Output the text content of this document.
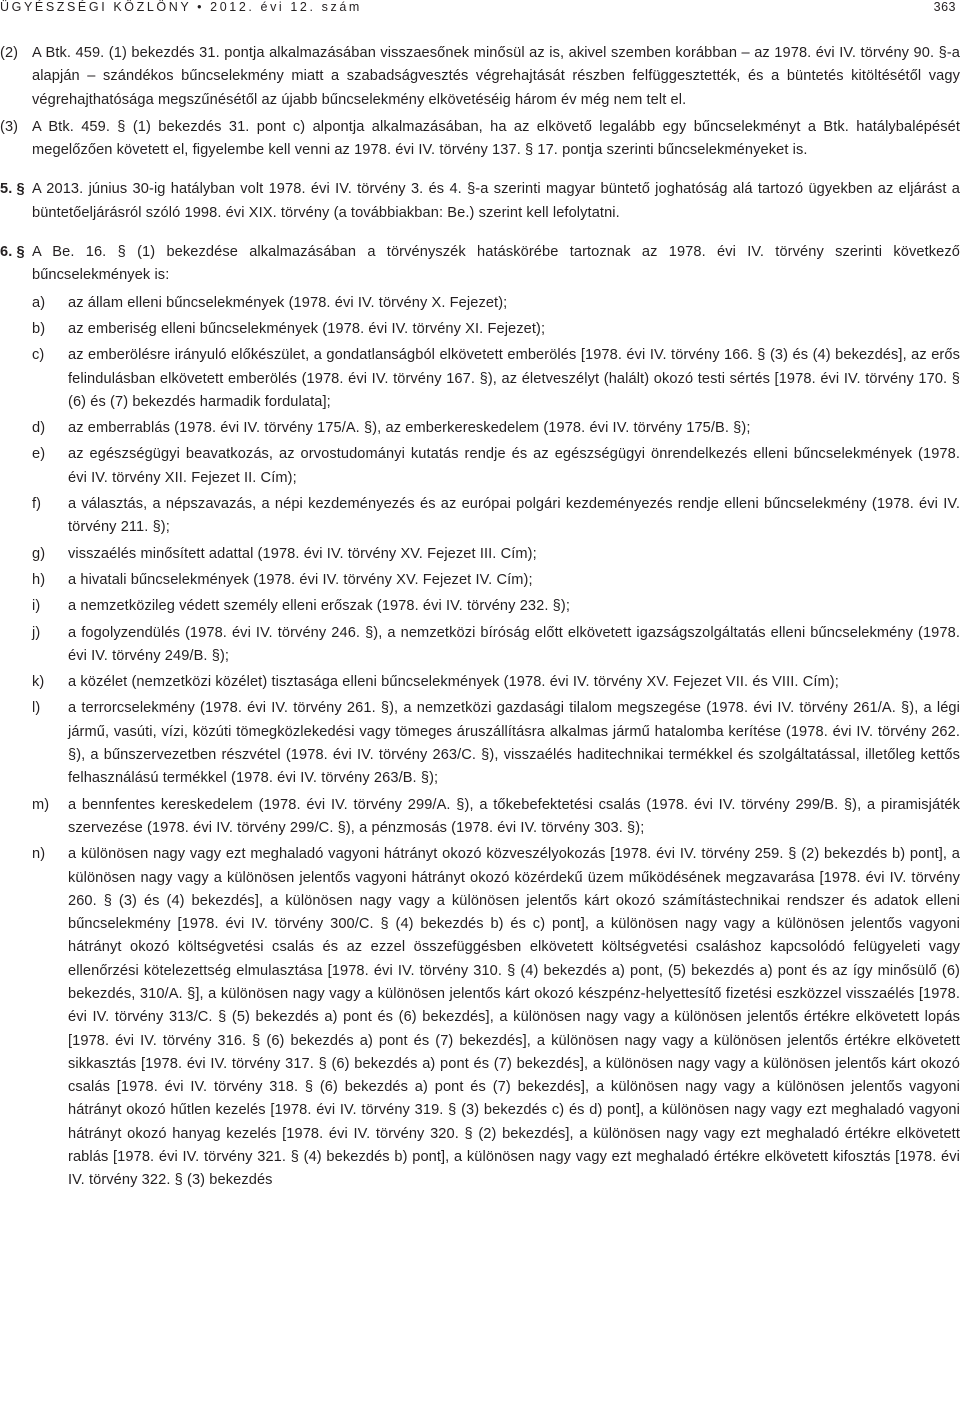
ÜGYÉSZSÉGI KÖZLÖNY • 2012. évi 12. szám	363
(2) A Btk. 459. (1) bekezdés 31. pontja alkalmazásában visszaesőnek minősül az is, akivel szemben korábban – az 1978. évi IV. törvény 90. §-a alapján – szándékos bűncselekmény miatt a szabadságvesztés végrehajtását részben felfüggesztették, és a büntetés kitöltésétől vagy végrehajthatósága megszűnésétől az újabb bűncselekmény elkövetéséig három év még nem telt el.
(3) A Btk. 459. § (1) bekezdés 31. pont c) alpontja alkalmazásában, ha az elkövető legalább egy bűncselekményt a Btk. hatálybalépését megelőzően követett el, figyelembe kell venni az 1978. évi IV. törvény 137. § 17. pontja szerinti bűncselekményeket is.
5. § A 2013. június 30-ig hatályban volt 1978. évi IV. törvény 3. és 4. §-a szerinti magyar büntető joghatóság alá tartozó ügyekben az eljárást a büntetőeljárásról szóló 1998. évi XIX. törvény (a továbbiakban: Be.) szerint kell lefolytatni.

6. § A Be. 16. § (1) bekezdése alkalmazásában a törvényszék hatáskörébe tartoznak az 1978. évi IV. törvény szerinti következő bűncselekmények is:

a)	az állam elleni bűncselekmények (1978. évi IV. törvény X. Fejezet);
b)	az emberiség elleni bűncselekmények (1978. évi IV. törvény XI. Fejezet);
c)	az emberölésre irányuló előkészület, a gondatlanságból elkövetett emberölés [1978. évi IV. törvény 166. § (3) és (4) bekezdés], az erős felindulásban elkövetett emberölés (1978. évi IV. törvény 167. §), az életveszélyt (halált) okozó testi sértés [1978. évi IV. törvény 170. § (6) és (7) bekezdés harmadik fordulata];
d)	az emberrablás (1978. évi IV. törvény 175/A. §), az emberkereskedelem (1978. évi IV. törvény 175/B. §);
e)	az egészségügyi beavatkozás, az orvostudományi kutatás rendje és az egészségügyi önrendelkezés elleni bűncselekmények (1978. évi IV. törvény XII. Fejezet II. Cím);
f)	a választás, a népszavazás, a népi kezdeményezés és az európai polgári kezdeményezés rendje elleni bűncselekmény (1978. évi IV. törvény 211. §);
g)	visszaélés minősített adattal (1978. évi IV. törvény XV. Fejezet III. Cím);
h)	a hivatali bűncselekmények (1978. évi IV. törvény XV. Fejezet IV. Cím);
i)	a nemzetközileg védett személy elleni erőszak (1978. évi IV. törvény 232. §);
j)	a fogolyzendülés (1978. évi IV. törvény 246. §), a nemzetközi bíróság előtt elkövetett igazságszolgáltatás elleni bűncselekmény (1978. évi IV. törvény 249/B. §);
k)	a közélet (nemzetközi közélet) tisztasága elleni bűncselekmények (1978. évi IV. törvény XV. Fejezet VII. és VIII. Cím);
l)	a terrorcselekmény (1978. évi IV. törvény 261. §), a nemzetközi gazdasági tilalom megszegése (1978. évi IV. törvény 261/A. §), a légi jármű, vasúti, vízi, közúti tömegközlekedési vagy tömeges áruszállításra alkalmas jármű hatalomba kerítése (1978. évi IV. törvény 262. §), a bűnszervezetben részvétel (1978. évi IV. törvény 263/C. §), visszaélés haditechnikai termékkel és szolgáltatással, illetőleg kettős felhasználású termékkel (1978. évi IV. törvény 263/B. §);
m)	a bennfentes kereskedelem (1978. évi IV. törvény 299/A. §), a tőkebefektetési csalás (1978. évi IV. törvény 299/B. §), a piramisjáték szervezése (1978. évi IV. törvény 299/C. §), a pénzmosás (1978. évi IV. törvény 303. §);
n)	a különösen nagy vagy ezt meghaladó vagyoni hátrányt okozó közveszélyokozás [1978. évi IV. törvény 259. § (2) bekezdés b) pont], a különösen nagy vagy a különösen jelentős vagyoni hátrányt okozó közérdekű üzem működésének megzavarása [1978. évi IV. törvény 260. § (3) és (4) bekezdés], a különösen nagy vagy a különösen jelentős kárt okozó számítástechnikai rendszer és adatok elleni bűncselekmény [1978. évi IV. törvény 300/C. § (4) bekezdés b) és c) pont], a különösen nagy vagy a különösen jelentős vagyoni hátrányt okozó költségvetési csalás és az ezzel összefüggésben elkövetett költségvetési csaláshoz kapcsolódó felügyeleti vagy ellenőrzési kötelezettség elmulasztása [1978. évi IV. törvény 310. § (4) bekezdés a) pont, (5) bekezdés a) pont és az így minősülő (6) bekezdés, 310/A. §], a különösen nagy vagy a különösen jelentős kárt okozó készpénz-helyettesítő fizetési eszközzel visszaélés [1978. évi IV. törvény 313/C. § (5) bekezdés a) pont és (6) bekezdés], a különösen nagy vagy a különösen jelentős értékre elkövetett lopás [1978. évi IV. törvény 316. § (6) bekezdés a) pont és (7) bekezdés], a különösen nagy vagy a különösen jelentős értékre elkövetett sikkasztás [1978. évi IV. törvény 317. § (6) bekezdés a) pont és (7) bekezdés], a különösen nagy vagy a különösen jelentős kárt okozó csalás [1978. évi IV. törvény 318. § (6) bekezdés a) pont és (7) bekezdés], a különösen nagy vagy a különösen jelentős vagyoni hátrányt okozó hűtlen kezelés [1978. évi IV. törvény 319. § (3) bekezdés c) és d) pont], a különösen nagy vagy ezt meghaladó vagyoni hátrányt okozó hanyag kezelés [1978. évi IV. törvény 320. § (2) bekezdés], a különösen nagy vagy ezt meghaladó értékre elkövetett rablás [1978. évi IV. törvény 321. § (4) bekezdés b) pont], a különösen nagy vagy ezt meghaladó értékre elkövetett kifosztás [1978. évi IV. törvény 322. § (3) bekezdés
